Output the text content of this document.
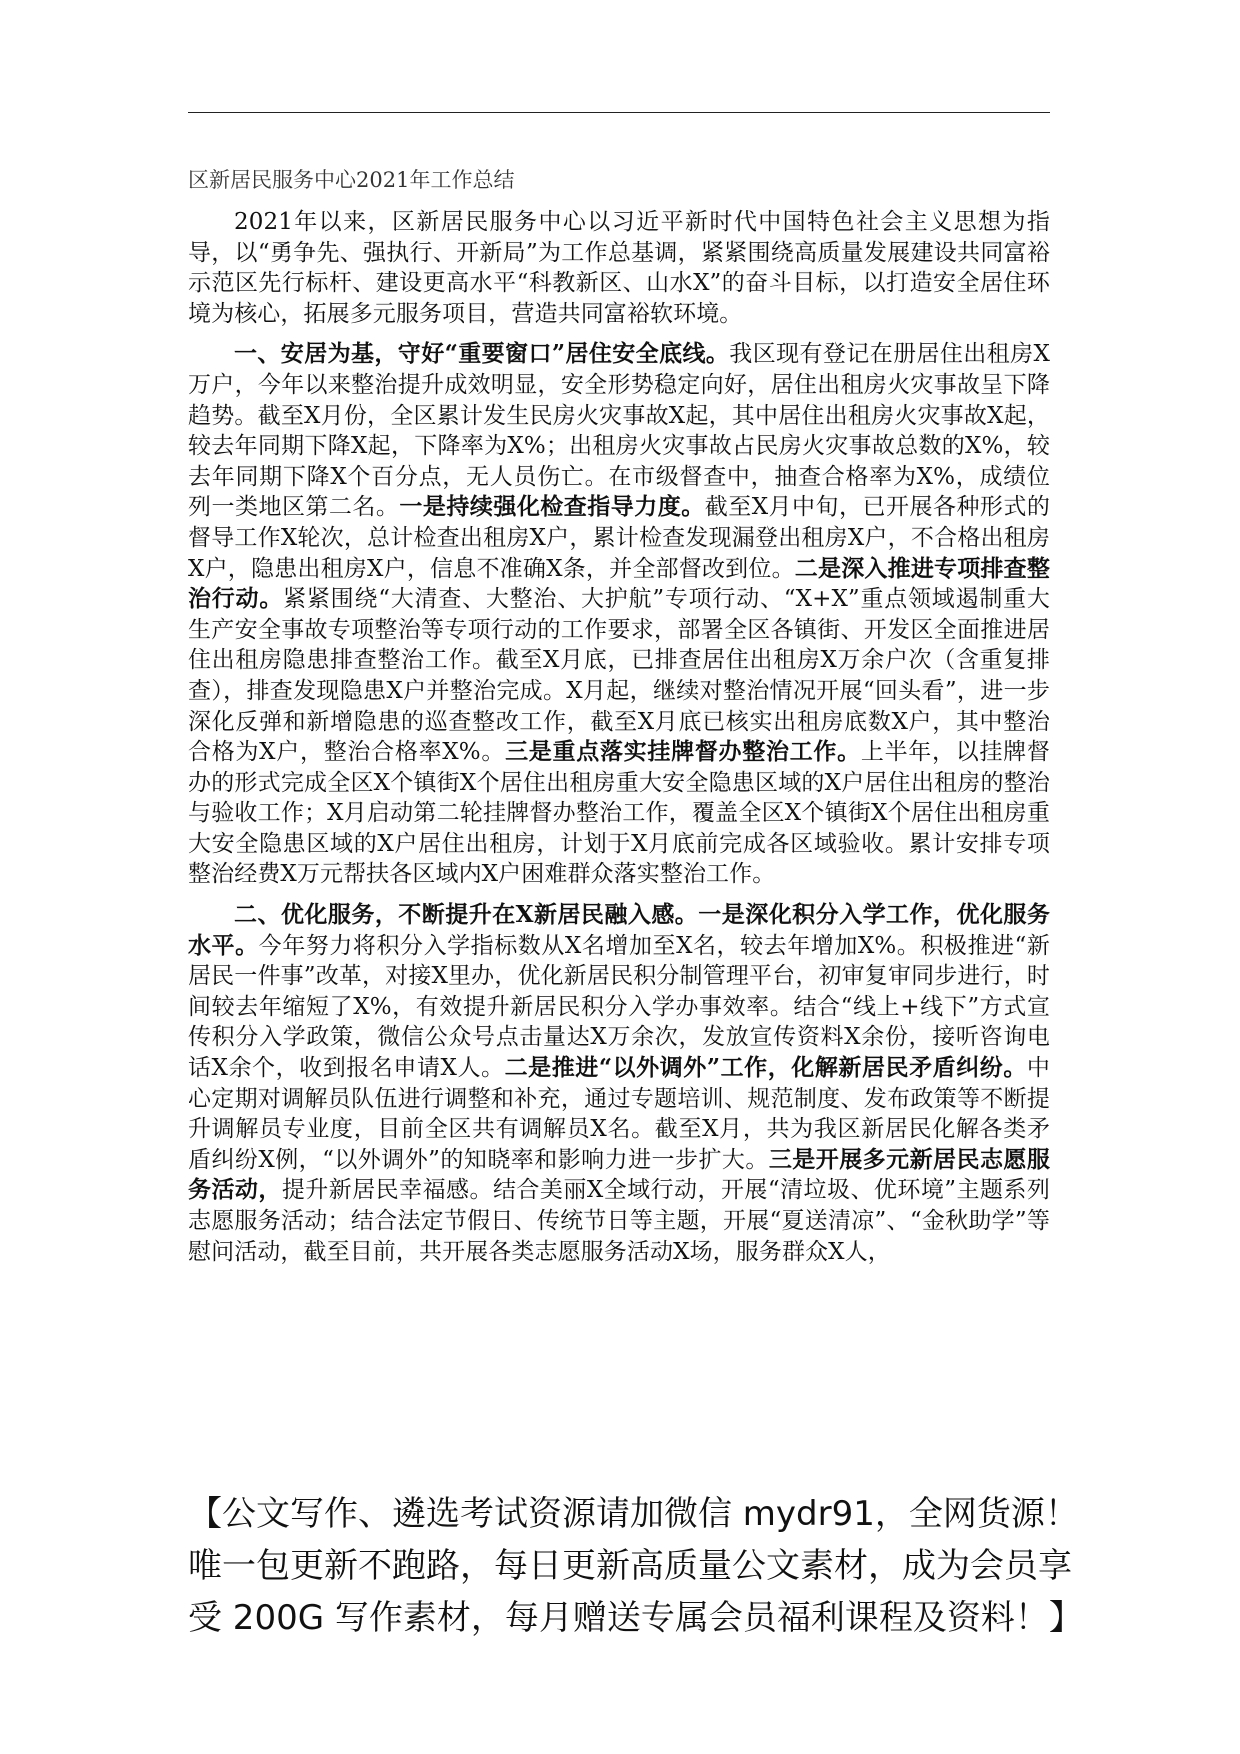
区新居民服务中心2021年工作总结

2021年以来，区新居民服务中心以习近平新时代中国特色社会主义思想为指导，以“勇争先、强执行、开新局”为工作总基调，紧紧围绕高质量发展建设共同富裕示范区先行标杆、建设更高水平“科教新区、山水X”的奋斗目标，以打造安全居住环境为核心，拓展多元服务项目，营造共同富裕软环境。

一、安居为基，守好“重要窗口”居住安全底线。我区现有登记在册居住出租房X万户，今年以来整治提升成效明显，安全形势稳定向好，居住出租房火灾事故呈下降趋势。截至X月份，全区累计发生民房火灾事故X起，其中居住出租房火灾事故X起，较去年同期下降X起，下降率为X%；出租房火灾事故占民房火灾事故总数的X%，较去年同期下降X个百分点，无人员伤亡。在市级督查中，抽查合格率为X%，成绩位列一类地区第二名。一是持续强化检查指导力度。截至X月中旬，已开展各种形式的督导工作X轮次，总计检查出租房X户，累计检查发现漏登出租房X户，不合格出租房X户，隐患出租房X户，信息不准确X条，并全部督改到位。二是深入推进专项排查整治行动。紧紧围绕“大清查、大整治、大护航”专项行动、“X+X”重点领域遏制重大生产安全事故专项整治等专项行动的工作要求，部署全区各镇街、开发区全面推进居住出租房隐患排查整治工作。截至X月底，已排查居住出租房X万余户次（含重复排查），排查发现隐患X户并整治完成。X月起，继续对整治情况开展“回头看”，进一步深化反弹和新增隐患的巡查整改工作，截至X月底已核实出租房底数X户，其中整治合格为X户，整治合格率X%。三是重点落实挂牌督办整治工作。上半年，以挂牌督办的形式完成全区X个镇街X个居住出租房重大安全隐患区域的X户居住出租房的整治与验收工作；X月启动第二轮挂牌督办整治工作，覆盖全区X个镇街X个居住出租房重大安全隐患区域的X户居住出租房，计划于X月底前完成各区域验收。累计安排专项整治经费X万元帮扶各区域内X户困难群众落实整治工作。

二、优化服务，不断提升在X新居民融入感。一是深化积分入学工作，优化服务水平。今年努力将积分入学指标数从X名增加至X名，较去年增加X%。积极推进“新居民一件事”改革，对接X里办，优化新居民积分制管理平台，初审复审同步进行，时间较去年缩短了X%，有效提升新居民积分入学办事效率。结合“线上+线下”方式宣传积分入学政策，微信公众号点击量达X万余次，发放宣传资料X余份，接听咨询电话X余个，收到报名申请X人。二是推进“以外调外”工作，化解新居民矛盾纠纷。中心定期对调解员队伍进行调整和补充，通过专题培训、规范制度、发布政策等不断提升调解员专业度，目前全区共有调解员X名。截至X月，共为我区新居民化解各类矛盾纠纷X例，“以外调外”的知晓率和影响力进一步扩大。三是开展多元新居民志愿服务活动，提升新居民幸福感。结合美丽X全域行动，开展“清垃圾、优环境”主题系列志愿服务活动；结合法定节假日、传统节日等主题，开展“夏送清凉”、“金秋助学”等慰问活动，截至目前，共开展各类志愿服务活动X场，服务群众X人，

【公文写作、遴选考试资源请加微信 mydr91，全网货源！唯一包更新不跑路，每日更新高质量公文素材，成为会员享受 200G 写作素材，每月赠送专属会员福利课程及资料！】
